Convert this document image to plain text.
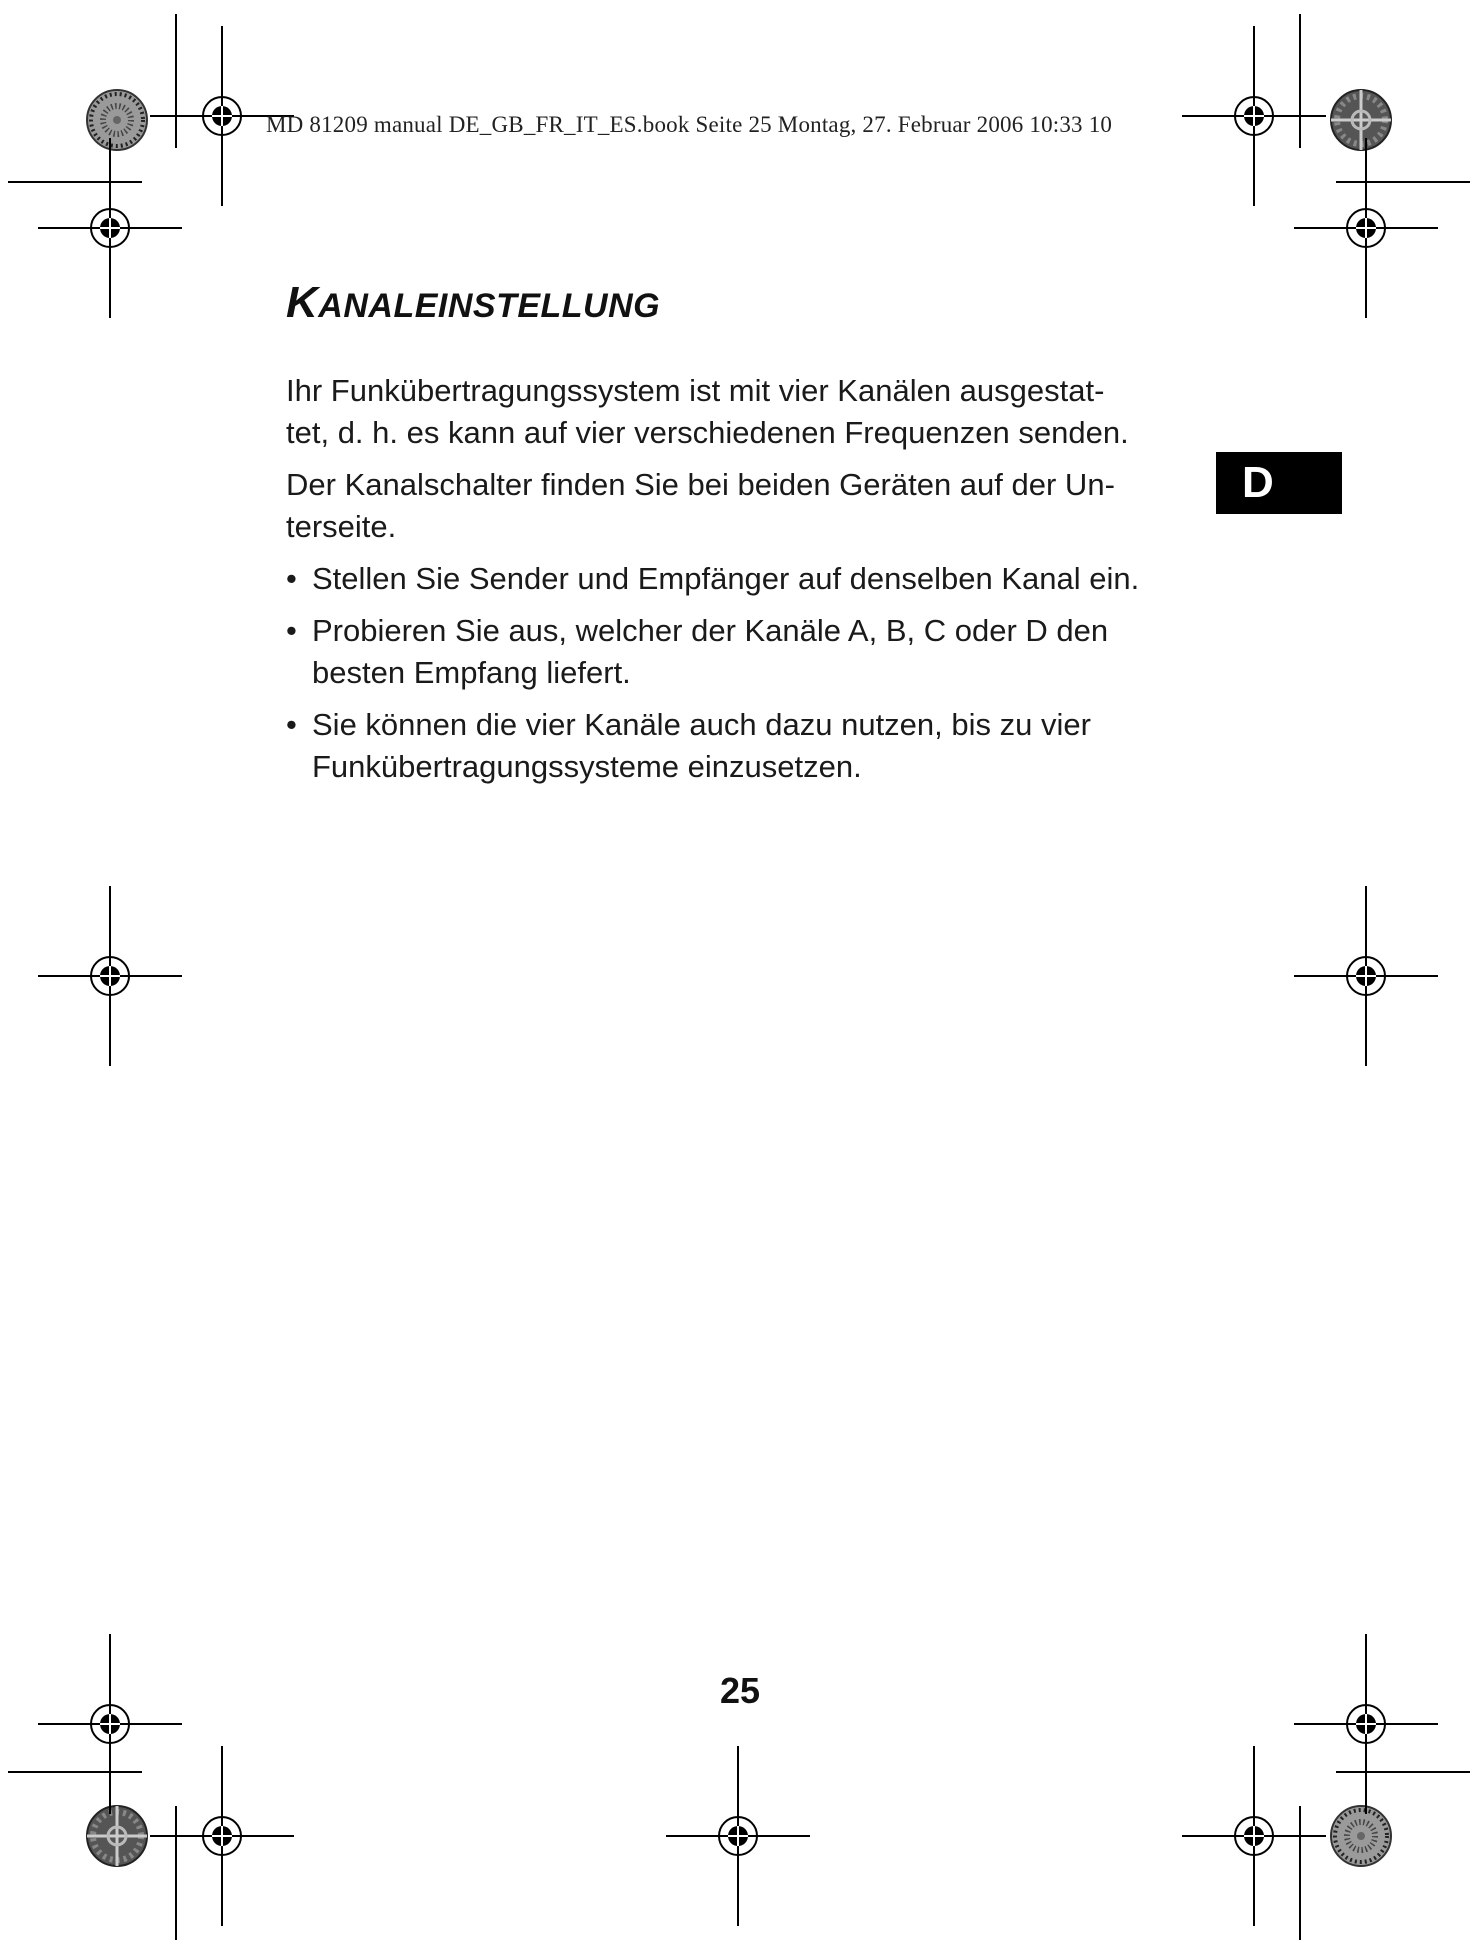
MD 81209 manual DE_GB_FR_IT_ES.book Seite 25 Montag, 27. Februar 2006 10:33 10
KANALEINSTELLUNG

Ihr Funkübertragungssystem ist mit vier Kanälen ausgestat-
tet, d. h. es kann auf vier verschiedenen Frequenzen senden.

Der Kanalschalter finden Sie bei beiden Geräten auf der Un-
terseite.

• Stellen Sie Sender und Empfänger auf denselben Kanal ein.
• Probieren Sie aus, welcher der Kanäle A, B, C oder D den besten Empfang liefert.
• Sie können die vier Kanäle auch dazu nutzen, bis zu vier Funkübertragungssysteme einzusetzen.
D
25
